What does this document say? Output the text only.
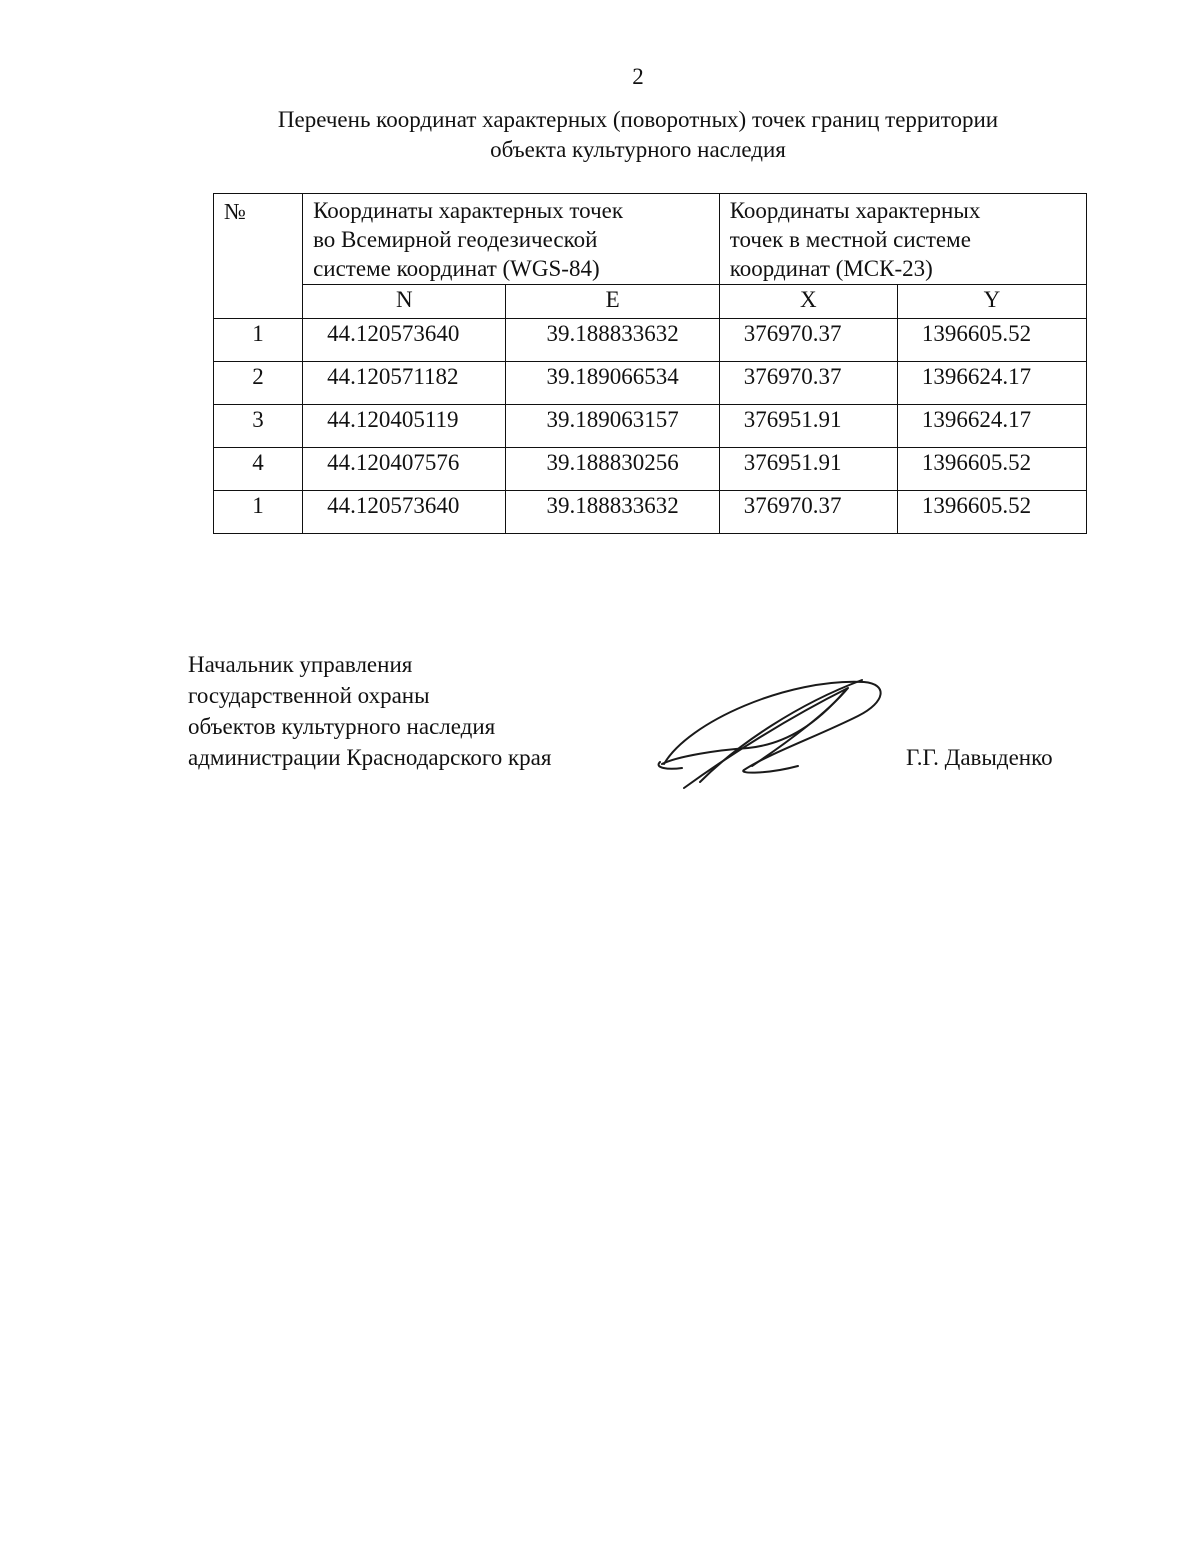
2
Перечень координат характерных (поворотных) точек границ территории
объекта культурного наследия
№	Координаты характерных точек
во Всемирной геодезической
системе координат (WGS-84)		Координаты характерных
точек в местной системе
координат (МСК-23)	

	N	E	X	Y
1	44.120573640	39.188833632	376970.37	1396605.52
2	44.120571182	39.189066534	376970.37	1396624.17
3	44.120405119	39.189063157	376951.91	1396624.17
4	44.120407576	39.188830256	376951.91	1396605.52
1	44.120573640	39.188833632	376970.37	1396605.52
Начальник управления
государственной охраны
объектов культурного наследия
администрации Краснодарского края	Г.Г. Давыденко
